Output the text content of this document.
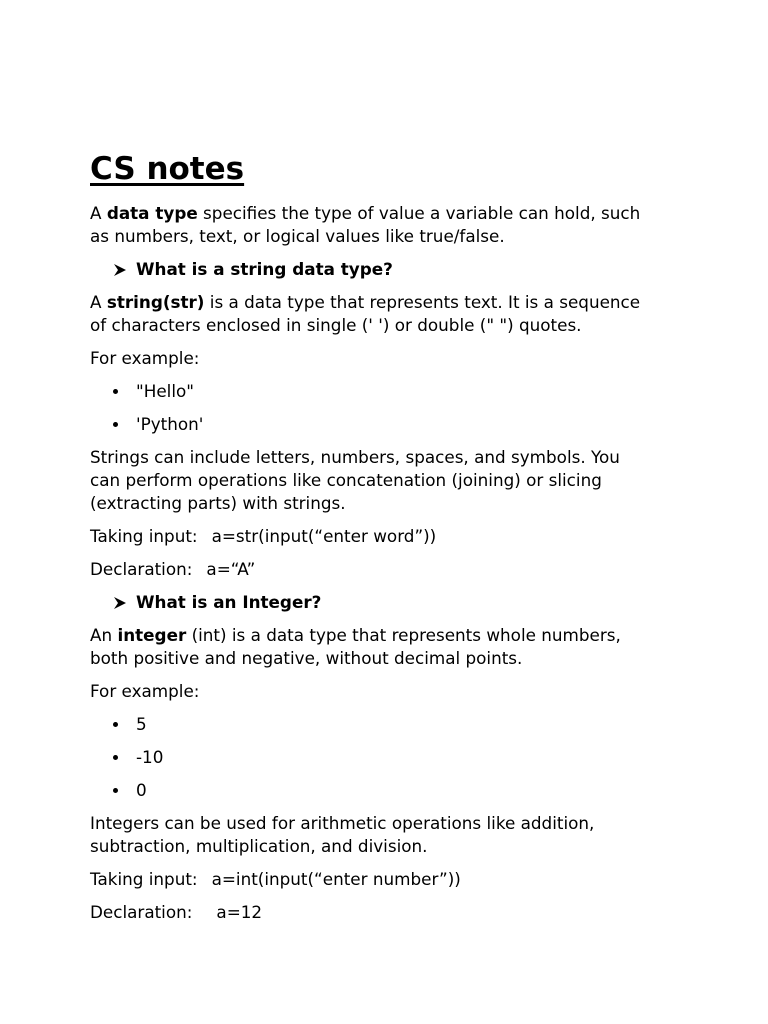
CS notes
A data type specifies the type of value a variable can hold, such
as numbers, text, or logical values like true/false.
What is a string data type?
A string(str) is a data type that represents text. It is a sequence
of characters enclosed in single (' ') or double (" ") quotes.
For example:
"Hello"
'Python'
Strings can include letters, numbers, spaces, and symbols. You
can perform operations like concatenation (joining) or slicing
(extracting parts) with strings.
Taking input: a=str(input(“enter word”))
Declaration: a=“A”
What is an Integer?
An integer (int) is a data type that represents whole numbers,
both positive and negative, without decimal points.
For example:
5
-10
0
Integers can be used for arithmetic operations like addition,
subtraction, multiplication, and division.
Taking input: a=int(input(“enter number”))
Declaration: a=12
